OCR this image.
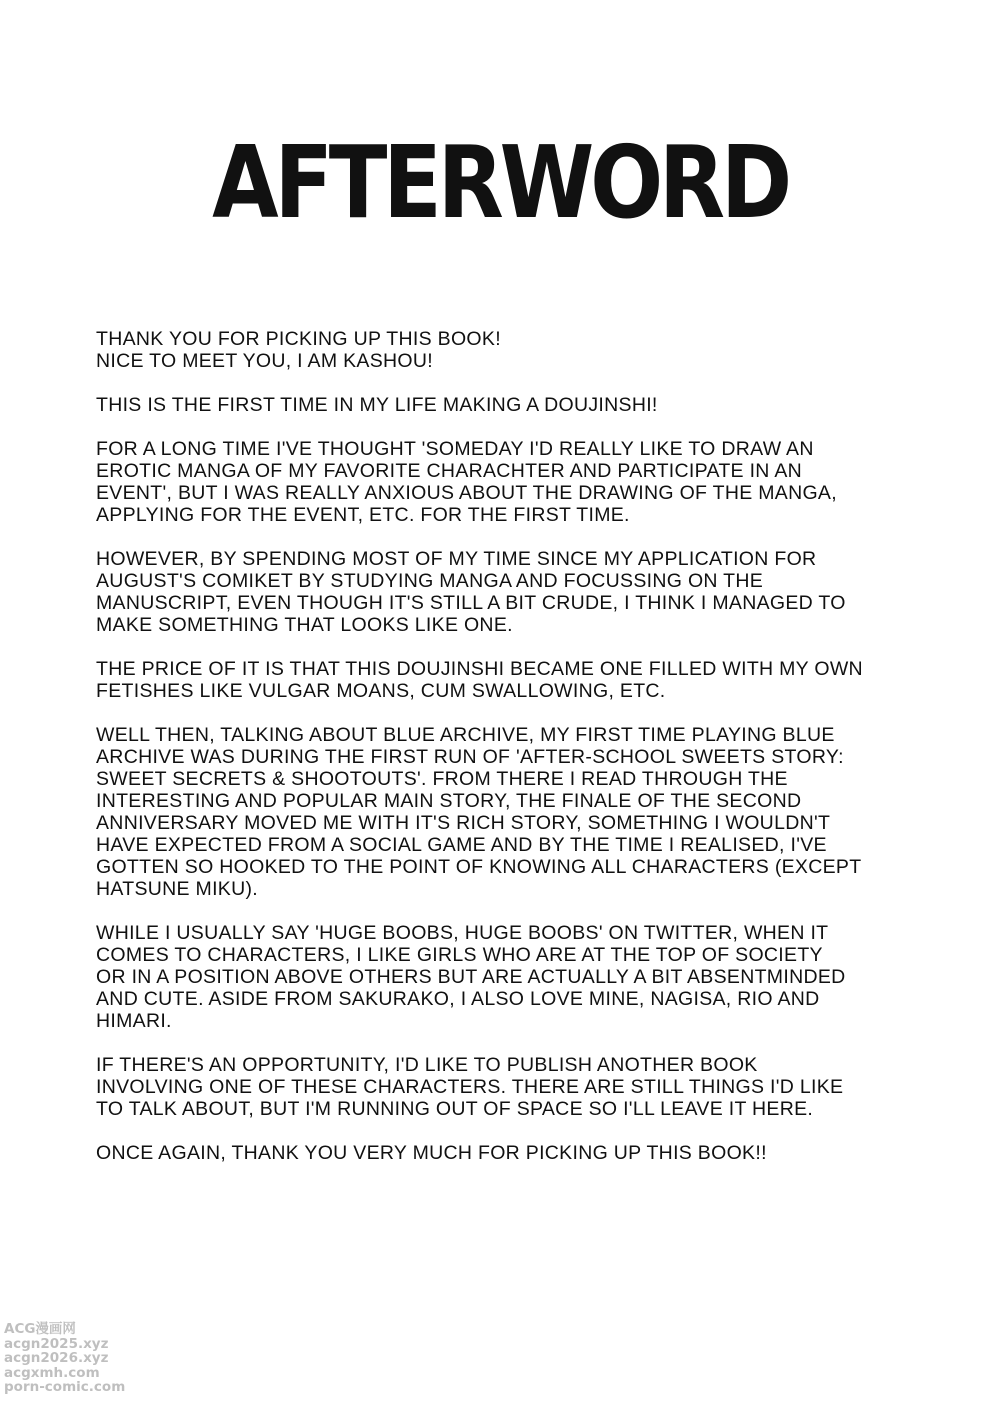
AFTERWORD

THANK YOU FOR PICKING UP THIS BOOK!
NICE TO MEET YOU, I AM KASHOU!

THIS IS THE FIRST TIME IN MY LIFE MAKING A DOUJINSHI!

FOR A LONG TIME I'VE THOUGHT 'SOMEDAY I'D REALLY LIKE TO DRAW AN
EROTIC MANGA OF MY FAVORITE CHARACHTER AND PARTICIPATE IN AN
EVENT', BUT I WAS REALLY ANXIOUS ABOUT THE DRAWING OF THE MANGA,
APPLYING FOR THE EVENT, ETC. FOR THE FIRST TIME.

HOWEVER, BY SPENDING MOST OF MY TIME SINCE MY APPLICATION FOR
AUGUST'S COMIKET BY STUDYING MANGA AND FOCUSSING ON THE
MANUSCRIPT, EVEN THOUGH IT'S STILL A BIT CRUDE, I THINK I MANAGED TO
MAKE SOMETHING THAT LOOKS LIKE ONE.

THE PRICE OF IT IS THAT THIS DOUJINSHI BECAME ONE FILLED WITH MY OWN
FETISHES LIKE VULGAR MOANS, CUM SWALLOWING, ETC.

WELL THEN, TALKING ABOUT BLUE ARCHIVE, MY FIRST TIME PLAYING BLUE
ARCHIVE WAS DURING THE FIRST RUN OF 'AFTER-SCHOOL SWEETS STORY:
SWEET SECRETS & SHOOTOUTS'. FROM THERE I READ THROUGH THE
INTERESTING AND POPULAR MAIN STORY, THE FINALE OF THE SECOND
ANNIVERSARY MOVED ME WITH IT'S RICH STORY, SOMETHING I WOULDN'T
HAVE EXPECTED FROM A SOCIAL GAME AND BY THE TIME I REALISED, I'VE
GOTTEN SO HOOKED TO THE POINT OF KNOWING ALL CHARACTERS (EXCEPT
HATSUNE MIKU).

WHILE I USUALLY SAY 'HUGE BOOBS, HUGE BOOBS' ON TWITTER, WHEN IT
COMES TO CHARACTERS, I LIKE GIRLS WHO ARE AT THE TOP OF SOCIETY
OR IN A POSITION ABOVE OTHERS BUT ARE ACTUALLY A BIT ABSENTMINDED
AND CUTE. ASIDE FROM SAKURAKO, I ALSO LOVE MINE, NAGISA, RIO AND
HIMARI.

IF THERE'S AN OPPORTUNITY, I'D LIKE TO PUBLISH ANOTHER BOOK
INVOLVING ONE OF THESE CHARACTERS. THERE ARE STILL THINGS I'D LIKE
TO TALK ABOUT, BUT I'M RUNNING OUT OF SPACE SO I'LL LEAVE IT HERE.

ONCE AGAIN, THANK YOU VERY MUCH FOR PICKING UP THIS BOOK!!

ACG漫画网
acgn2025.xyz
acgn2026.xyz
acgxmh.com
porn-comic.com
